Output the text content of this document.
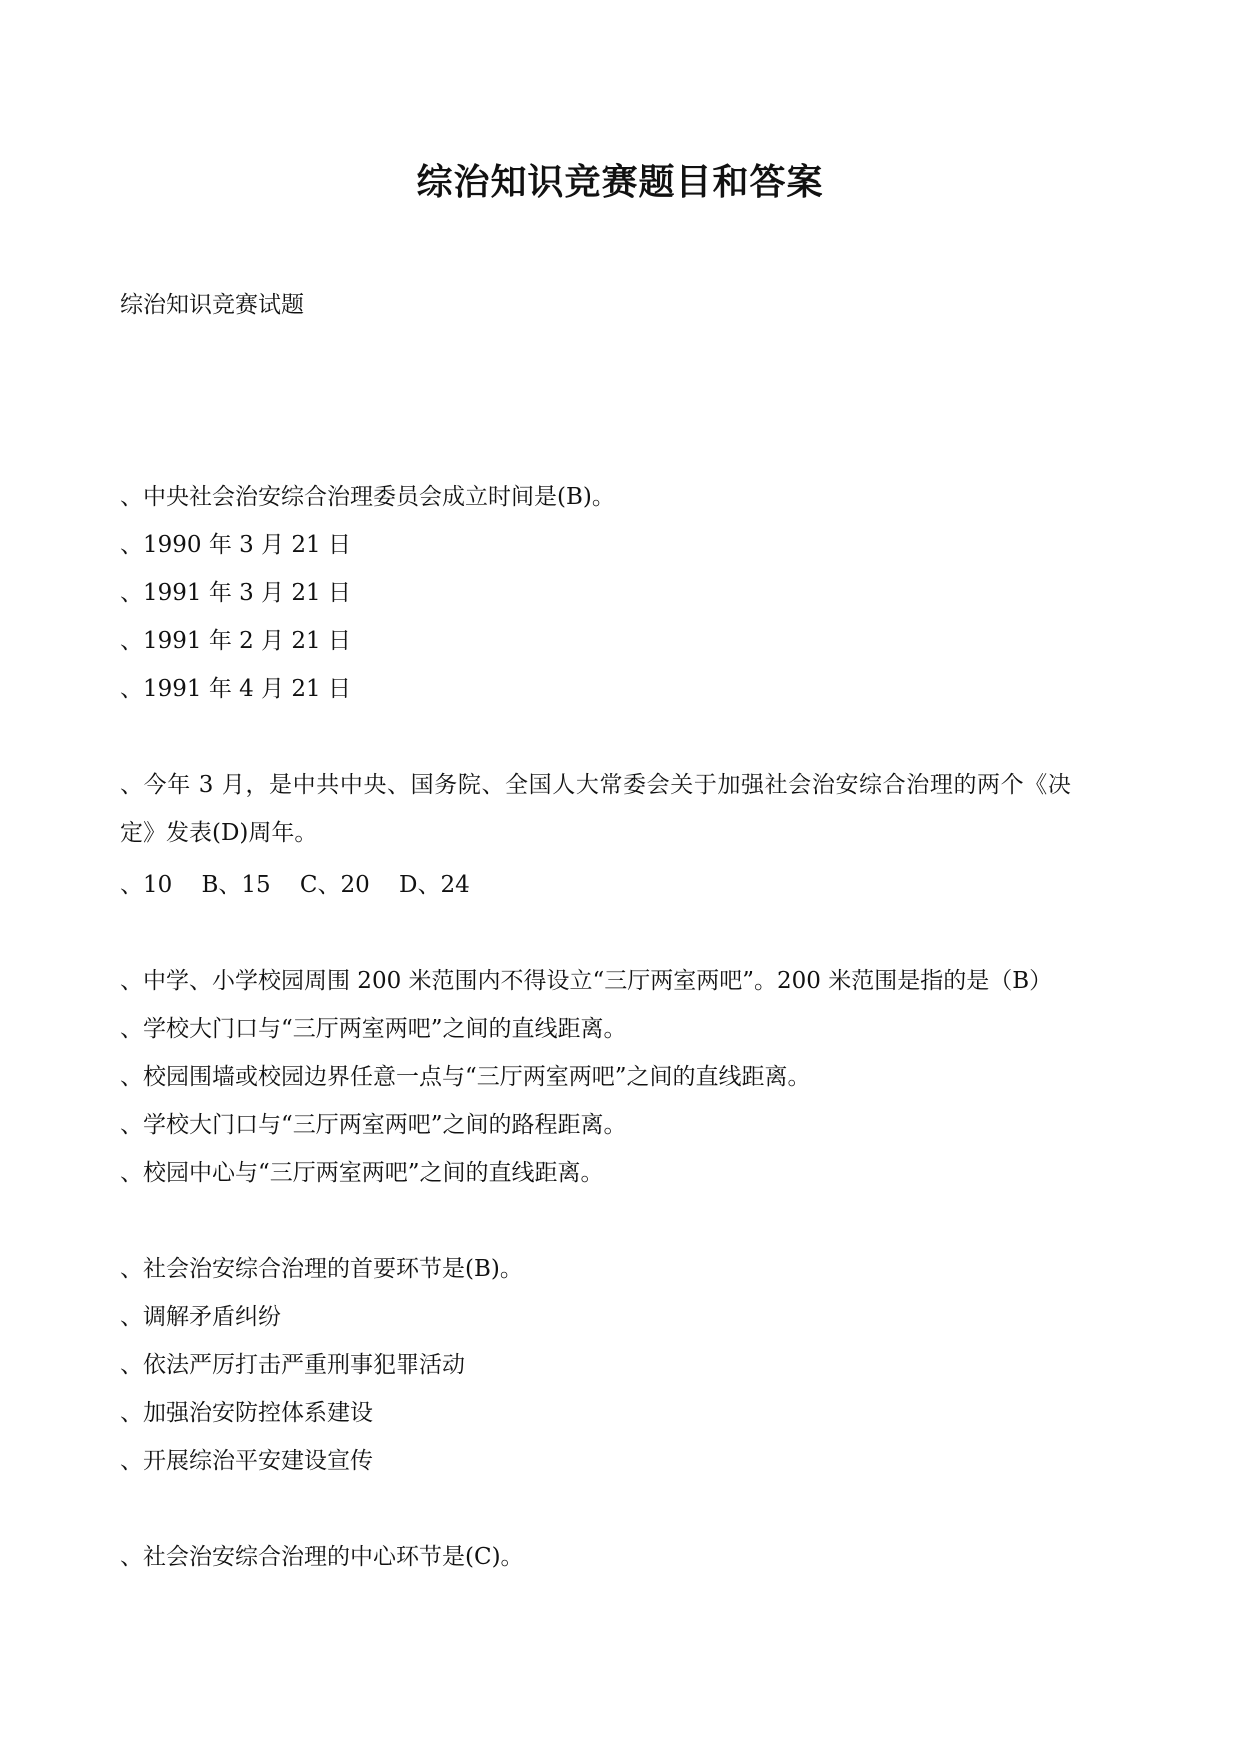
综治知识竞赛题目和答案
综治知识竞赛试题
、中央社会治安综合治理委员会成立时间是(B)。
、1990 年 3 月 21 日
、1991 年 3 月 21 日
、1991 年 2 月 21 日
、1991 年 4 月 21 日
、今年 3 月，是中共中央、国务院、全国人大常委会关于加强社会治安综合治理的两个《决
定》发表(D)周年。
、10    B、15    C、20    D、24
、中学、小学校园周围 200 米范围内不得设立“三厅两室两吧”。200 米范围是指的是（B）
、学校大门口与“三厅两室两吧”之间的直线距离。
、校园围墙或校园边界任意一点与“三厅两室两吧”之间的直线距离。
、学校大门口与“三厅两室两吧”之间的路程距离。
、校园中心与“三厅两室两吧”之间的直线距离。
、社会治安综合治理的首要环节是(B)。
、调解矛盾纠纷
、依法严厉打击严重刑事犯罪活动
、加强治安防控体系建设
、开展综治平安建设宣传
、社会治安综合治理的中心环节是(C)。
